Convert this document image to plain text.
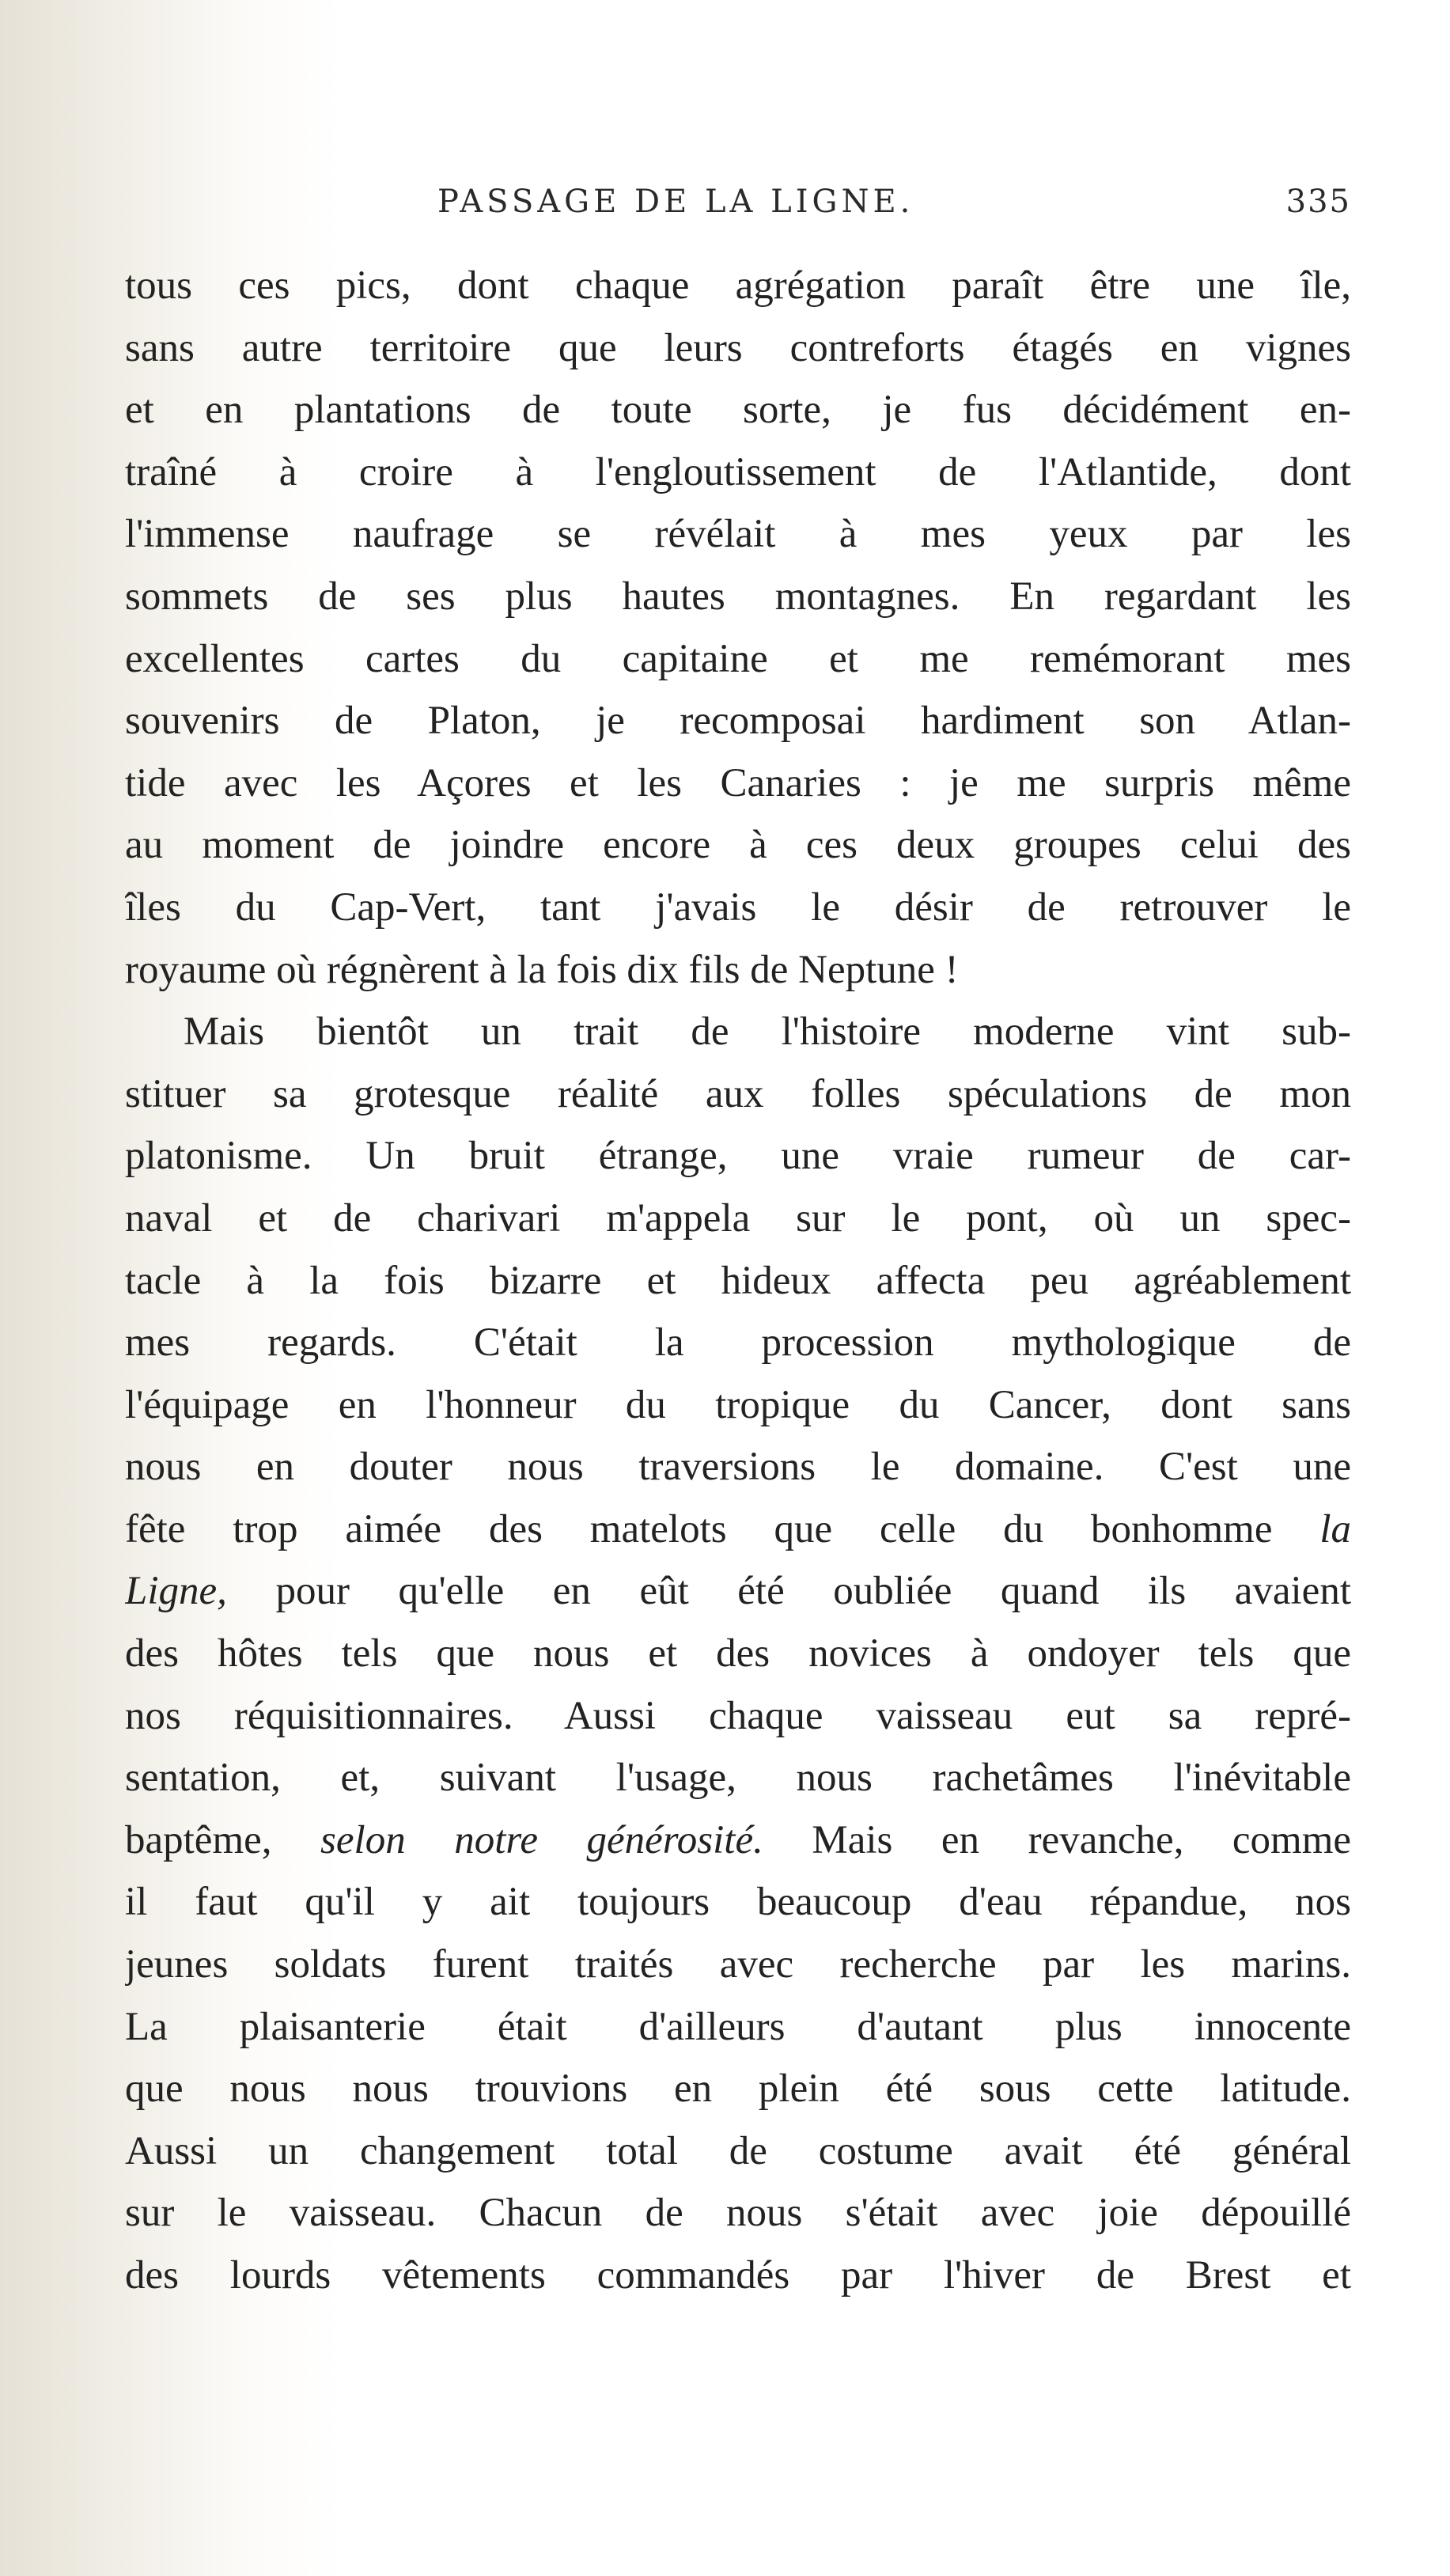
PASSAGE DE LA LIGNE.	335
tous ces pics, dont chaque agrégation paraît être une île,
sans autre territoire que leurs contreforts étagés en vignes
et en plantations de toute sorte, je fus décidément en-
traîné à croire à l'engloutissement de l'Atlantide, dont
l'immense naufrage se révélait à mes yeux par les
sommets de ses plus hautes montagnes. En regardant les
excellentes cartes du capitaine et me remémorant mes
souvenirs de Platon, je recomposai hardiment son Atlan-
tide avec les Açores et les Canaries : je me surpris même
au moment de joindre encore à ces deux groupes celui des
îles du Cap-Vert, tant j'avais le désir de retrouver le
royaume où régnèrent à la fois dix fils de Neptune !
Mais bientôt un trait de l'histoire moderne vint sub-
stituer sa grotesque réalité aux folles spéculations de mon
platonisme. Un bruit étrange, une vraie rumeur de car-
naval et de charivari m'appela sur le pont, où un spec-
tacle à la fois bizarre et hideux affecta peu agréablement
mes regards. C'était la procession mythologique de
l'équipage en l'honneur du tropique du Cancer, dont sans
nous en douter nous traversions le domaine. C'est une
fête trop aimée des matelots que celle du bonhomme la
Ligne, pour qu'elle en eût été oubliée quand ils avaient
des hôtes tels que nous et des novices à ondoyer tels que
nos réquisitionnaires. Aussi chaque vaisseau eut sa repré-
sentation, et, suivant l'usage, nous rachetâmes l'inévitable
baptême, selon notre générosité. Mais en revanche, comme
il faut qu'il y ait toujours beaucoup d'eau répandue, nos
jeunes soldats furent traités avec recherche par les marins.
La plaisanterie était d'ailleurs d'autant plus innocente
que nous nous trouvions en plein été sous cette latitude.
Aussi un changement total de costume avait été général
sur le vaisseau. Chacun de nous s'était avec joie dépouillé
des lourds vêtements commandés par l'hiver de Brest et
